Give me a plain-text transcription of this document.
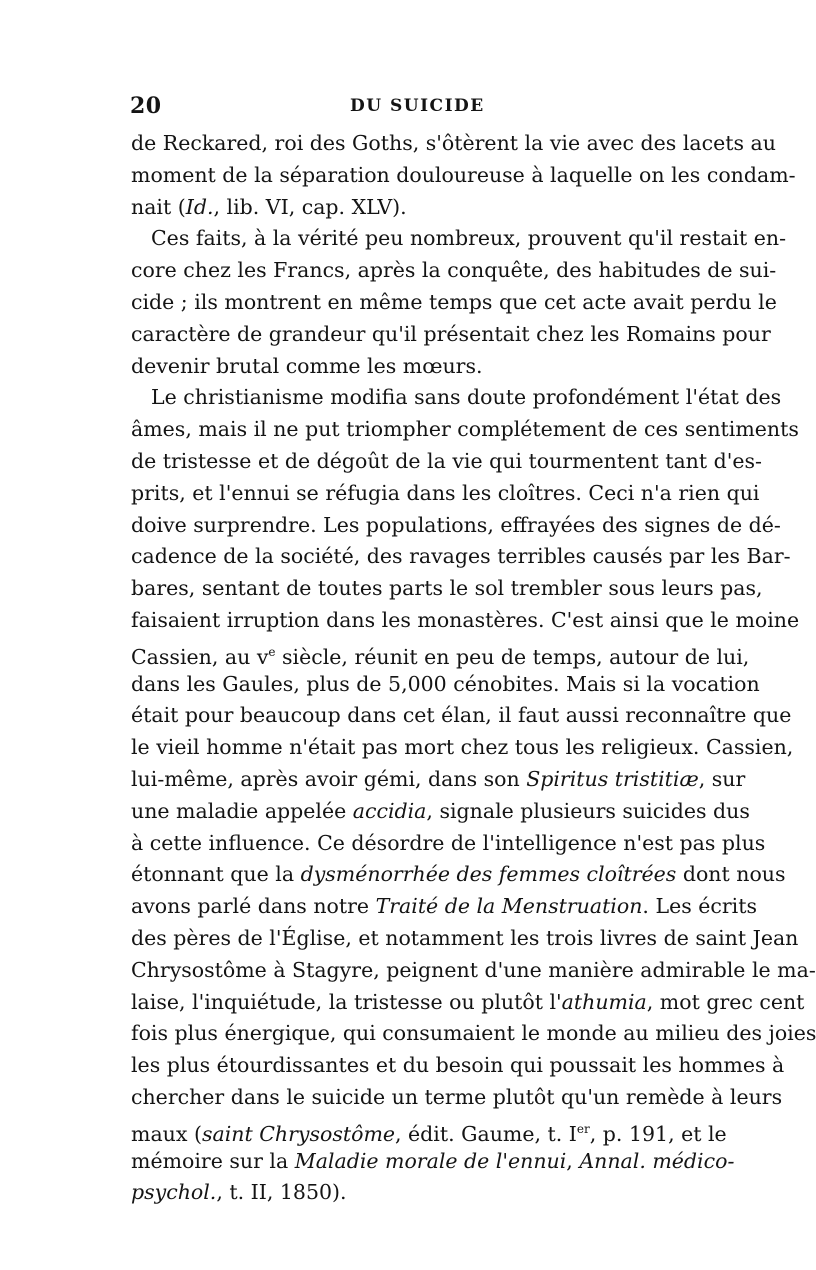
20	DU SUICIDE
de Reckared, roi des Goths, s'ôtèrent la vie avec des lacets au
moment de la séparation douloureuse à laquelle on les condam-
nait (Id., lib. VI, cap. XLV).
Ces faits, à la vérité peu nombreux, prouvent qu'il restait en-
core chez les Francs, après la conquête, des habitudes de sui-
cide ; ils montrent en même temps que cet acte avait perdu le
caractère de grandeur qu'il présentait chez les Romains pour
devenir brutal comme les mœurs.
Le christianisme modifia sans doute profondément l'état des
âmes, mais il ne put triompher complétement de ces sentiments
de tristesse et de dégoût de la vie qui tourmentent tant d'es-
prits, et l'ennui se réfugia dans les cloîtres. Ceci n'a rien qui
doive surprendre. Les populations, effrayées des signes de dé-
cadence de la société, des ravages terribles causés par les Bar-
bares, sentant de toutes parts le sol trembler sous leurs pas,
faisaient irruption dans les monastères. C'est ainsi que le moine
Cassien, au $v^e$ siècle, réunit en peu de temps, autour de lui,
dans les Gaules, plus de 5,000 cénobites. Mais si la vocation
était pour beaucoup dans cet élan, il faut aussi reconnaître que
le vieil homme n'était pas mort chez tous les religieux. Cassien,
lui-même, après avoir gémi, dans son Spiritus tristitiæ, sur
une maladie appelée accidia, signale plusieurs suicides dus
à cette influence. Ce désordre de l'intelligence n'est pas plus
étonnant que la dysménorrhée des femmes cloîtrées dont nous
avons parlé dans notre Traité de la Menstruation. Les écrits
des pères de l'Église, et notamment les trois livres de saint Jean
Chrysostôme à Stagyre, peignent d'une manière admirable le ma-
laise, l'inquiétude, la tristesse ou plutôt l'athumia, mot grec cent
fois plus énergique, qui consumaient le monde au milieu des joies
les plus étourdissantes et du besoin qui poussait les hommes à
chercher dans le suicide un terme plutôt qu'un remède à leurs
maux (saint Chrysostôme, édit. Gaume, t. Ier, p. 191, et le
mémoire sur la Maladie morale de l'ennui, Annal. médico-
psychol., t. II, 1850).
